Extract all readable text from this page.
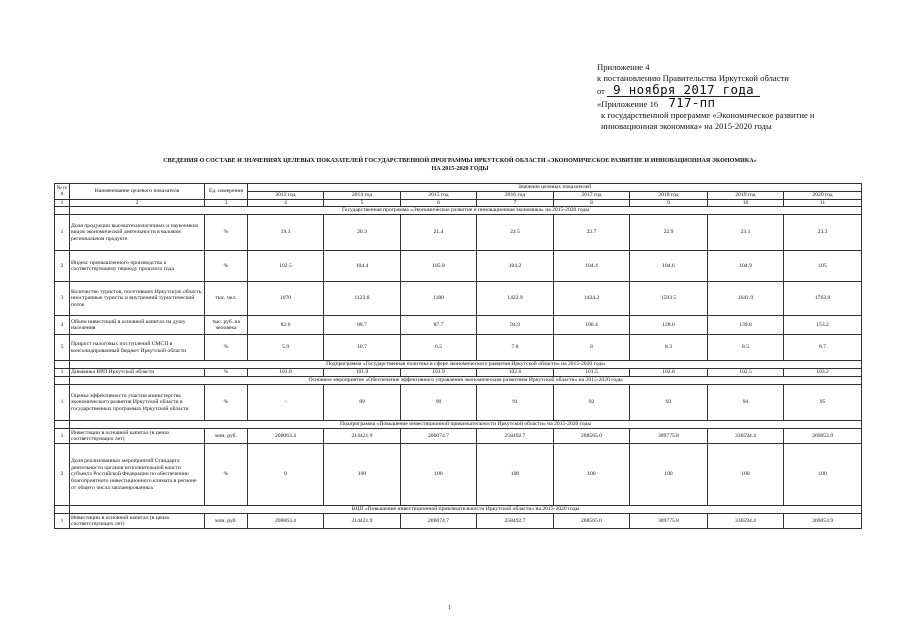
Приложение 4
к постановлению Правительства Иркутской области
от 9 ноября 2017 года
«Приложение 16 717-пп
к государственной программе «Экономическое развитие и инновационная экономика» на 2015-2020 годы
СВЕДЕНИЯ О СОСТАВЕ И ЗНАЧЕНИЯХ ЦЕЛЕВЫХ ПОКАЗАТЕЛЕЙ ГОСУДАРСТВЕННОЙ ПРОГРАММЫ ИРКУТСКОЙ ОБЛАСТИ «ЭКОНОМИЧЕСКОЕ РАЗВИТИЕ И ИННОВАЦИОННАЯ ЭКОНОМИКА»
НА 2015-2020 ГОДЫ
№ п/п	Наименование целевого показателя	Ед. измерения	Значение целевых показателей							
			2013 год	2014 год	2015 год	2016 год	2017 год	2018 год	2019 год	2020 год
1	2	3	4	5	6	7	8	9	10	11
	Государственная программа «Экономическое развитие и инновационная экономика» на 2015-2020 годы									
1	Доля продукции высокотехнологичных и наукоемких видов экономической деятельности в валовом региональном продукте	%	19.3	20.3	21.4	22.5	22.7	22.9	23.1	23.3
2	Индекс промышленного производства к соответствующему периоду прошлого года	%	102.5	104.4	105.8	104.2	104.4	104.6	104.9	105
3	Количество туристов, посетивших Иркутскую область: иностранные туристы и внутренний туристический поток	тыс. чел.	1070	1123.8	1180	1422.9	1434.2	1593.5	1641.9	1763.9
4	Объем инвестиций в основной капитал на душу населения	тыс. руб. на человека	82.6	88.7	87.7	94.9	100.4	128.6	139.8	153.2
5	Прирост налоговых поступлений СМСП в консолидированный бюджет Иркутской области	%	5.9	10.7	6.5	7.8	8	8.3	8.5	8.7
	Подпрограмма «Государственная политика в сфере экономического развития Иркутской области» на 2015-2020 годы									
1	Динамика ВРП Иркутской области	%	101.8	101.9	101.9	102.6	101.5	102.8	102.5	103.2
	Основное мероприятие «Обеспечение эффективного управления экономическим развитием Иркутской области» на 2015-2020 годы									
1	Оценка эффективности участия министерства экономического развития Иркутской области в государственных программах Иркутской области	%	-	89	90	91	92	93	94	95
	Подпрограмма «Повышение инвестиционной привлекательности Иркутской области» на 2015-2020 годы									
1	Инвестиции в основной капитал (в ценах соответствующих лет)	млн. руб.	200063.4	214421.9	206074.7	258492.7	288565.0	309775.8	336594.4	369053.9
2	Доля реализованных мероприятий Стандарта деятельности органов исполнительной власти субъекта Российской Федерации по обеспечению благоприятного инвестиционного климата в регионе от общего числа запланированных	%	0	100	100	100	100	100	100	100
	ВЦП «Повышение инвестиционной привлекательности Иркутской области» на 2015-2020 годы									
1	Инвестиции в основной капитал (в ценах соответствующих лет)	млн. руб.	200063.4	214421.9	206074.7	258492.7	288565.0	309775.8	336594.4	369053.9
1
